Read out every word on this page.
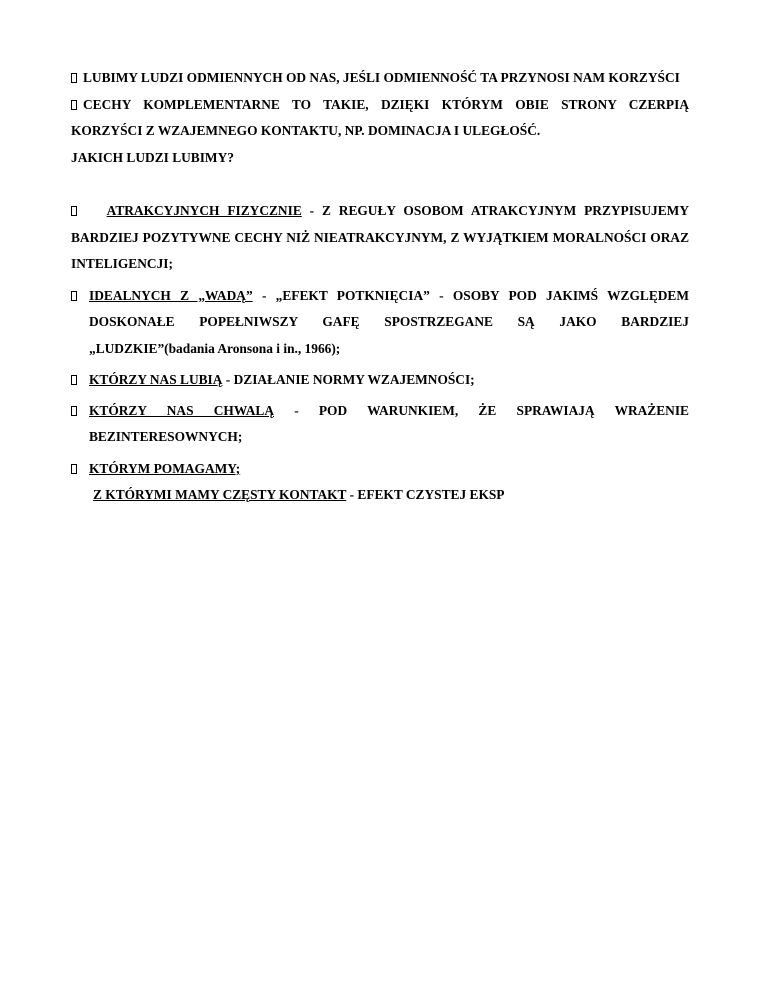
LUBIMY LUDZI ODMIENNYCH OD NAS, JEŚLI ODMIENNOŚĆ TA PRZYNOSI NAM KORZYŚCI

CECHY KOMPLEMENTARNE TO TAKIE, DZIĘKI KTÓRYM OBIE STRONY CZERPIĄ KORZYŚCI Z WZAJEMNEGO KONTAKTU, NP. DOMINACJA I ULEGŁOŚĆ.

JAKICH LUDZI LUBIMY?

ATRAKCYJNYCH FIZYCZNIE - Z REGUŁY OSOBOM ATRAKCYJNYM PRZYPISUJEMY BARDZIEJ POZYTYWNE CECHY NIŻ NIEATRAKCYJNYM, Z WYJĄTKIEM MORALNOŚCI ORAZ INTELIGENCJI;

IDEALNYCH Z „WADĄ” - „EFEKT POTKNIĘCIA” - OSOBY POD JAKIMŚ WZGLĘDEM DOSKONAŁE POPEŁNIWSZY GAFĘ SPOSTRZEGANE SĄ JAKO BARDZIEJ „LUDZKIE”(badania Aronsona i in., 1966);

KTÓRZY NAS LUBIĄ - DZIAŁANIE NORMY WZAJEMNOŚCI;

KTÓRZY NAS CHWALĄ - POD WARUNKIEM, ŻE SPRAWIAJĄ WRAŻENIE BEZINTERESOWNYCH;

KTÓRYM POMAGAMY;

Z KTÓRYMI MAMY CZĘSTY KONTAKT - EFEKT CZYSTEJ EKSP
